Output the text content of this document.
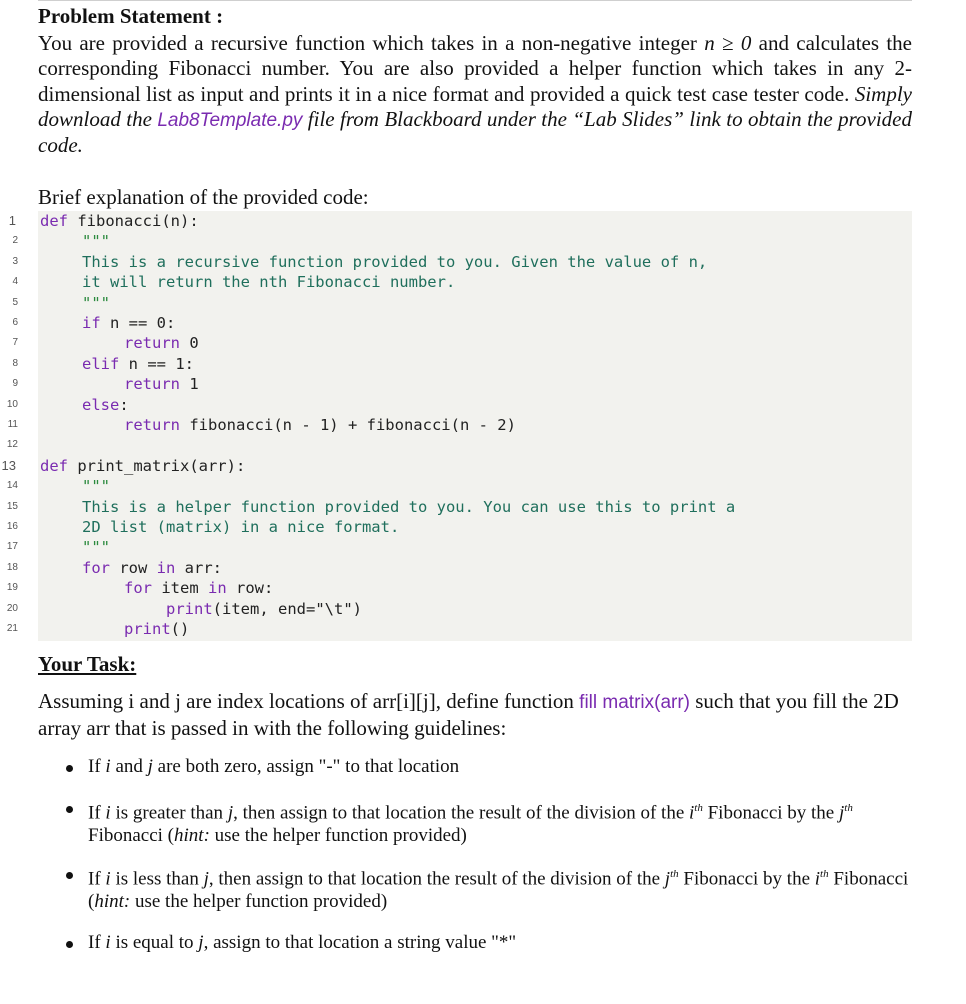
Problem Statement :
You are provided a recursive function which takes in a non-negative integer n ≥ 0 and calculates the corresponding Fibonacci number. You are also provided a helper function which takes in any 2-dimensional list as input and prints it in a nice format and provided a quick test case tester code. Simply download the Lab8Template.py file from Blackboard under the “Lab Slides” link to obtain the provided code.
Brief explanation of the provided code:
1 def fibonacci(n):
2	"""
3	This is a recursive function provided to you. Given the value of n,
4	it will return the nth Fibonacci number.
5	"""
6	if n == 0:
7	return 0
8	elif n == 1:
9	return 1
10	else:
11	return fibonacci(n - 1) + fibonacci(n - 2)
12
13 def print_matrix(arr):
14	"""
15	This is a helper function provided to you. You can use this to print a
16	2D list (matrix) in a nice format.
17	"""
18	for row in arr:
19	for item in row:
20	print(item, end="\t")
21	print()
Your Task:
Assuming i and j are index locations of arr[i][j], define function fill matrix(arr) such that you fill the 2D array arr that is passed in with the following guidelines:
If i and j are both zero, assign "-" to that location
If i is greater than j, then assign to that location the result of the division of the $i^{th}$ Fibonacci by the $j^{th}$ Fibonacci (hint: use the helper function provided)
If i is less than j, then assign to that location the result of the division of the $j^{th}$ Fibonacci by the $i^{th}$ Fibonacci (hint: use the helper function provided)
If i is equal to j, assign to that location a string value "*"
